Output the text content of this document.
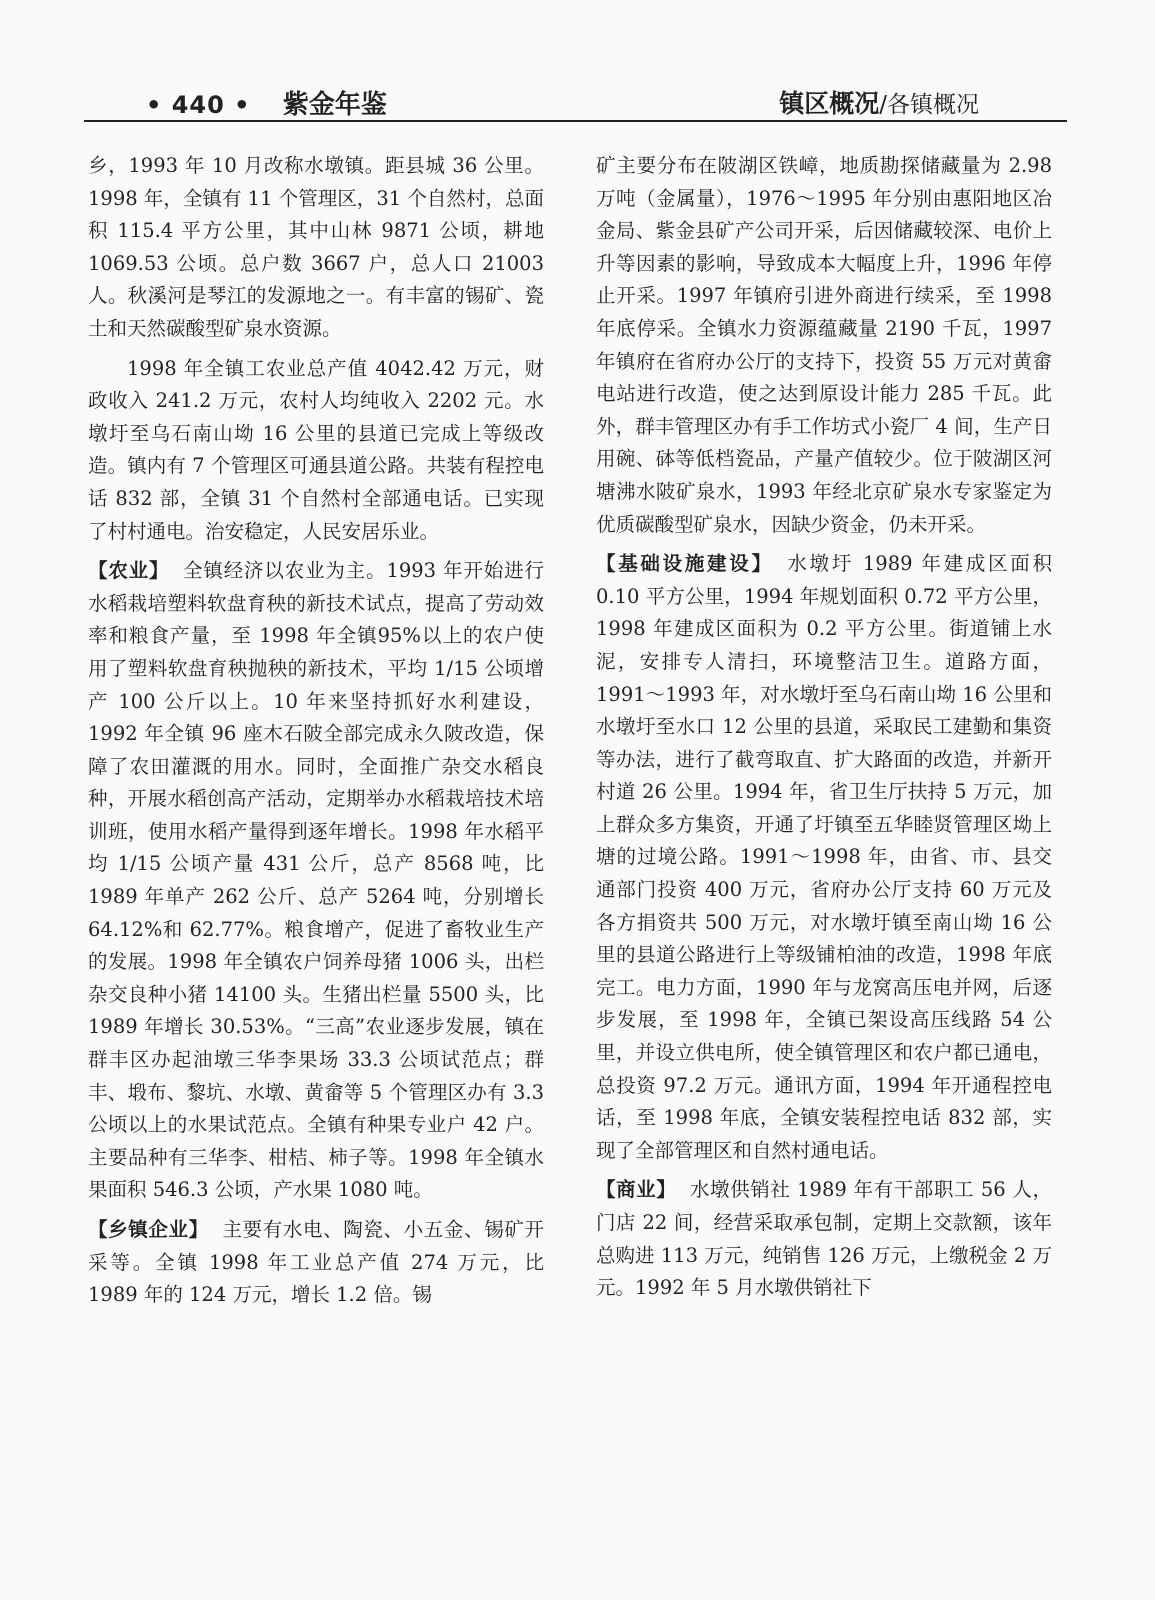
• 440 • 紫金年鉴	镇区概况/各镇概况

乡，1993 年 10 月改称水墩镇。距县城 36 公里。1998 年，全镇有 11 个管理区，31 个自然村，总面积 115.4 平方公里，其中山林 9871 公顷，耕地 1069.53 公顷。总户数 3667 户，总人口 21003 人。秋溪河是琴江的发源地之一。有丰富的锡矿、瓷土和天然碳酸型矿泉水资源。

1998 年全镇工农业总产值 4042.42 万元，财政收入 241.2 万元，农村人均纯收入 2202 元。水墩圩至乌石南山坳 16 公里的县道已完成上等级改造。镇内有 7 个管理区可通县道公路。共装有程控电话 832 部，全镇 31 个自然村全部通电话。已实现了村村通电。治安稳定，人民安居乐业。

【农业】 全镇经济以农业为主。1993 年开始进行水稻栽培塑料软盘育秧的新技术试点，提高了劳动效率和粮食产量，至 1998 年全镇95%以上的农户使用了塑料软盘育秧抛秧的新技术，平均 1/15 公顷增产 100 公斤以上。10 年来坚持抓好水利建设，1992 年全镇 96 座木石陂全部完成永久陂改造，保障了农田灌溉的用水。同时，全面推广杂交水稻良种，开展水稻创高产活动，定期举办水稻栽培技术培训班，使用水稻产量得到逐年增长。1998 年水稻平均 1/15 公顷产量 431 公斤，总产 8568 吨，比 1989 年单产 262 公斤、总产 5264 吨，分别增长 64.12%和 62.77%。粮食增产，促进了畜牧业生产的发展。1998 年全镇农户饲养母猪 1006 头，出栏杂交良种小猪 14100 头。生猪出栏量 5500 头，比 1989 年增长 30.53%。“三高”农业逐步发展，镇在群丰区办起油墩三华李果场 33.3 公顷试范点；群丰、塅布、黎坑、水墩、黄畲等 5 个管理区办有 3.3 公顷以上的水果试范点。全镇有种果专业户 42 户。主要品种有三华李、柑桔、柿子等。1998 年全镇水果面积 546.3 公顷，产水果 1080 吨。

【乡镇企业】 主要有水电、陶瓷、小五金、锡矿开采等。全镇 1998 年工业总产值 274 万元，比 1989 年的 124 万元，增长 1.2 倍。锡

矿主要分布在陂湖区铁嶂，地质勘探储藏量为 2.98 万吨（金属量），1976～1995 年分别由惠阳地区冶金局、紫金县矿产公司开采，后因储藏较深、电价上升等因素的影响，导致成本大幅度上升，1996 年停止开采。1997 年镇府引进外商进行续采，至 1998 年底停采。全镇水力资源蕴藏量 2190 千瓦，1997 年镇府在省府办公厅的支持下，投资 55 万元对黄畲电站进行改造，使之达到原设计能力 285 千瓦。此外，群丰管理区办有手工作坊式小瓷厂 4 间，生产日用碗、砵等低档瓷品，产量产值较少。位于陂湖区河塘沸水陂矿泉水，1993 年经北京矿泉水专家鉴定为优质碳酸型矿泉水，因缺少资金，仍未开采。

【基础设施建设】 水墩圩 1989 年建成区面积 0.10 平方公里，1994 年规划面积 0.72 平方公里，1998 年建成区面积为 0.2 平方公里。街道铺上水泥，安排专人清扫，环境整洁卫生。道路方面，1991～1993 年，对水墩圩至乌石南山坳 16 公里和水墩圩至水口 12 公里的县道，采取民工建勤和集资等办法，进行了截弯取直、扩大路面的改造，并新开村道 26 公里。1994 年，省卫生厅扶持 5 万元，加上群众多方集资，开通了圩镇至五华睦贤管理区坳上塘的过境公路。1991～1998 年，由省、市、县交通部门投资 400 万元，省府办公厅支持 60 万元及各方捐资共 500 万元，对水墩圩镇至南山坳 16 公里的县道公路进行上等级铺柏油的改造，1998 年底完工。电力方面，1990 年与龙窝高压电并网，后逐步发展，至 1998 年，全镇已架设高压线路 54 公里，并设立供电所，使全镇管理区和农户都已通电，总投资 97.2 万元。通讯方面，1994 年开通程控电话，至 1998 年底，全镇安装程控电话 832 部，实现了全部管理区和自然村通电话。

【商业】 水墩供销社 1989 年有干部职工 56 人，门店 22 间，经营采取承包制，定期上交款额，该年总购进 113 万元，纯销售 126 万元，上缴税金 2 万元。1992 年 5 月水墩供销社下
